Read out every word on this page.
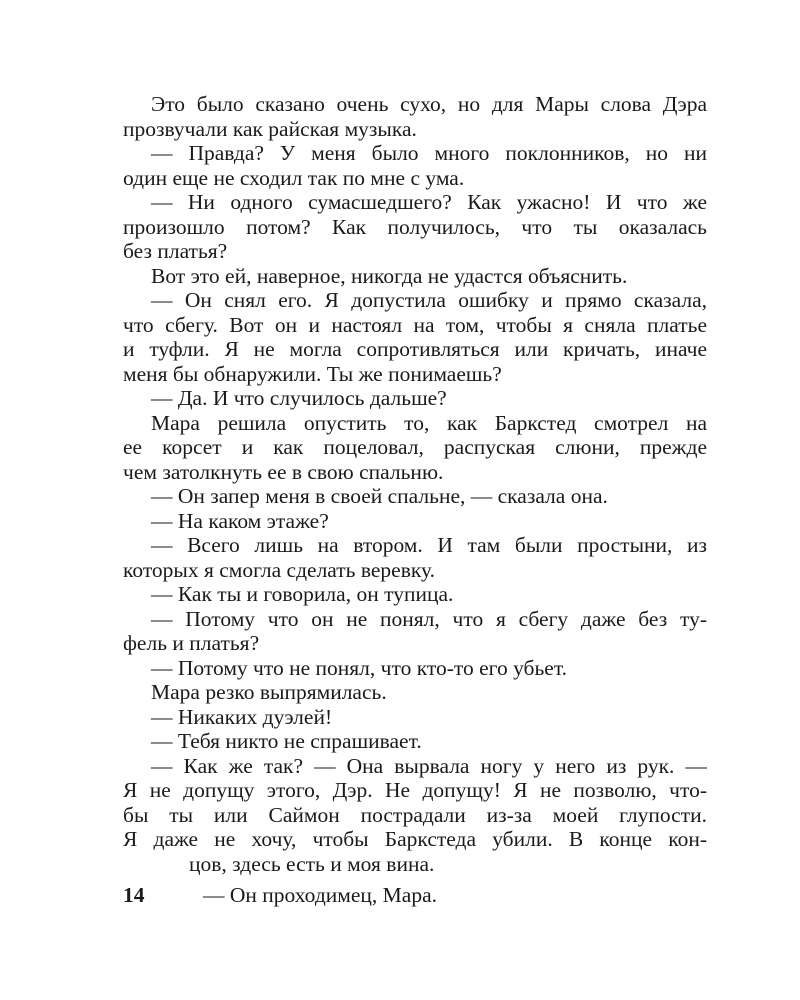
Это было сказано очень сухо, но для Мары слова Дэра
прозвучали как райская музыка.
— Правда? У меня было много поклонников, но ни
один еще не сходил так по мне с ума.
— Ни одного сумасшедшего? Как ужасно! И что же
произошло потом? Как получилось, что ты оказалась
без платья?
Вот это ей, наверное, никогда не удастся объяснить.
— Он снял его. Я допустила ошибку и прямо сказала,
что сбегу. Вот он и настоял на том, чтобы я сняла платье
и туфли. Я не могла сопротивляться или кричать, иначе
меня бы обнаружили. Ты же понимаешь?
— Да. И что случилось дальше?
Мара решила опустить то, как Баркстед смотрел на
ее корсет и как поцеловал, распуская слюни, прежде
чем затолкнуть ее в свою спальню.
— Он запер меня в своей спальне, — сказала она.
— На каком этаже?
— Всего лишь на втором. И там были простыни, из
которых я смогла сделать веревку.
— Как ты и говорила, он тупица.
— Потому что он не понял, что я сбегу даже без ту-
фель и платья?
— Потому что не понял, что кто-то его убьет.
Мара резко выпрямилась.
— Никаких дуэлей!
— Тебя никто не спрашивает.
— Как же так? — Она вырвала ногу у него из рук. —
Я не допущу этого, Дэр. Не допущу! Я не позволю, что-
бы ты или Саймон пострадали из-за моей глупости.
Я даже не хочу, чтобы Баркстеда убили. В конце кон-
цов, здесь есть и моя вина.
14	— Он проходимец, Мара.
